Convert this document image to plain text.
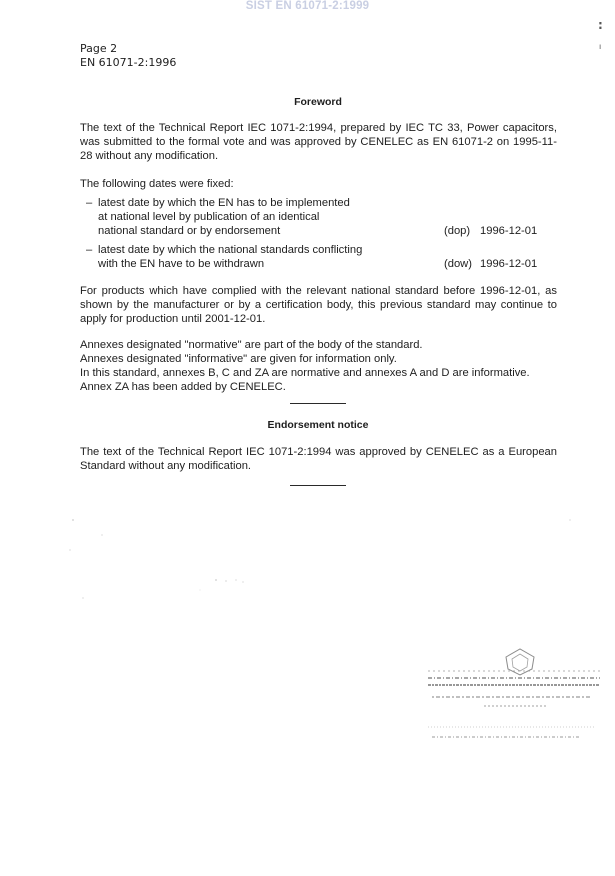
SIST EN 61071-2:1999
:
ı
Page 2
EN 61071-2:1996
Foreword

The text of the Technical Report IEC 1071-2:1994, prepared by IEC TC 33, Power capacitors, was submitted to the formal vote and was approved by CENELEC as EN 61071-2 on 1995-11-28 without any modification.

The following dates were fixed:

– latest date by which the EN has to be implemented
at national level by publication of an identical
national standard or by endorsement	(dop) 1996-12-01
– latest date by which the national standards conflicting
with the EN have to be withdrawn	(dow) 1996-12-01

For products which have complied with the relevant national standard before 1996-12-01, as shown by the manufacturer or by a certification body, this previous standard may continue to apply for production until 2001-12-01.

Annexes designated "normative" are part of the body of the standard.
Annexes designated "informative" are given for information only.
In this standard, annexes B, C and ZA are normative and annexes A and D are informative.
Annex ZA has been added by CENELEC.
Endorsement notice

The text of the Technical Report IEC 1071-2:1994 was approved by CENELEC as a European Standard without any modification.
